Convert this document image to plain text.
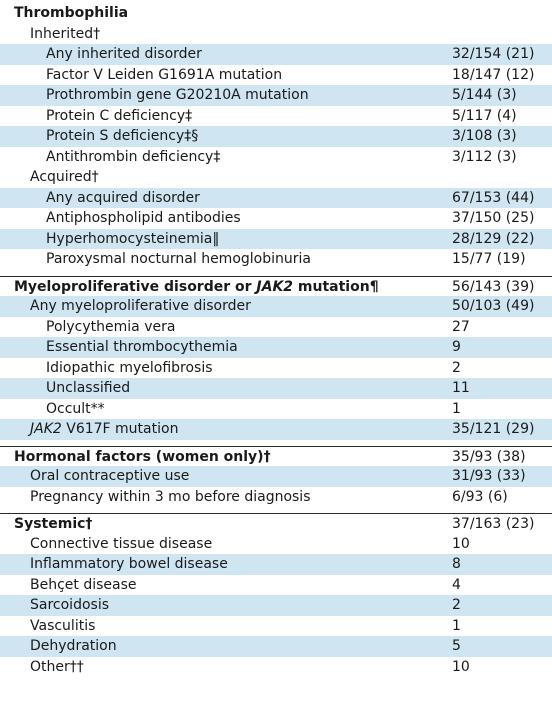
Thrombophilia
Inherited†
Any inherited disorder	32/154 (21)
Factor V Leiden G1691A mutation	18/147 (12)
Prothrombin gene G20210A mutation	5/144 (3)
Protein C deficiency‡	5/117 (4)
Protein S deficiency‡§	3/108 (3)
Antithrombin deficiency‡	3/112 (3)
Acquired†
Any acquired disorder	67/153 (44)
Antiphospholipid antibodies	37/150 (25)
Hyperhomocysteinemia‖	28/129 (22)
Paroxysmal nocturnal hemoglobinuria	15/77 (19)
Myeloproliferative disorder or JAK2 mutation¶	56/143 (39)
Any myeloproliferative disorder	50/103 (49)
Polycythemia vera	27
Essential thrombocythemia	9
Idiopathic myelofibrosis	2
Unclassified	11
Occult**	1
JAK2 V617F mutation	35/121 (29)
Hormonal factors (women only)†	35/93 (38)
Oral contraceptive use	31/93 (33)
Pregnancy within 3 mo before diagnosis	6/93 (6)
Systemic†	37/163 (23)
Connective tissue disease	10
Inflammatory bowel disease	8
Behçet disease	4
Sarcoidosis	2
Vasculitis	1
Dehydration	5
Other††	10
